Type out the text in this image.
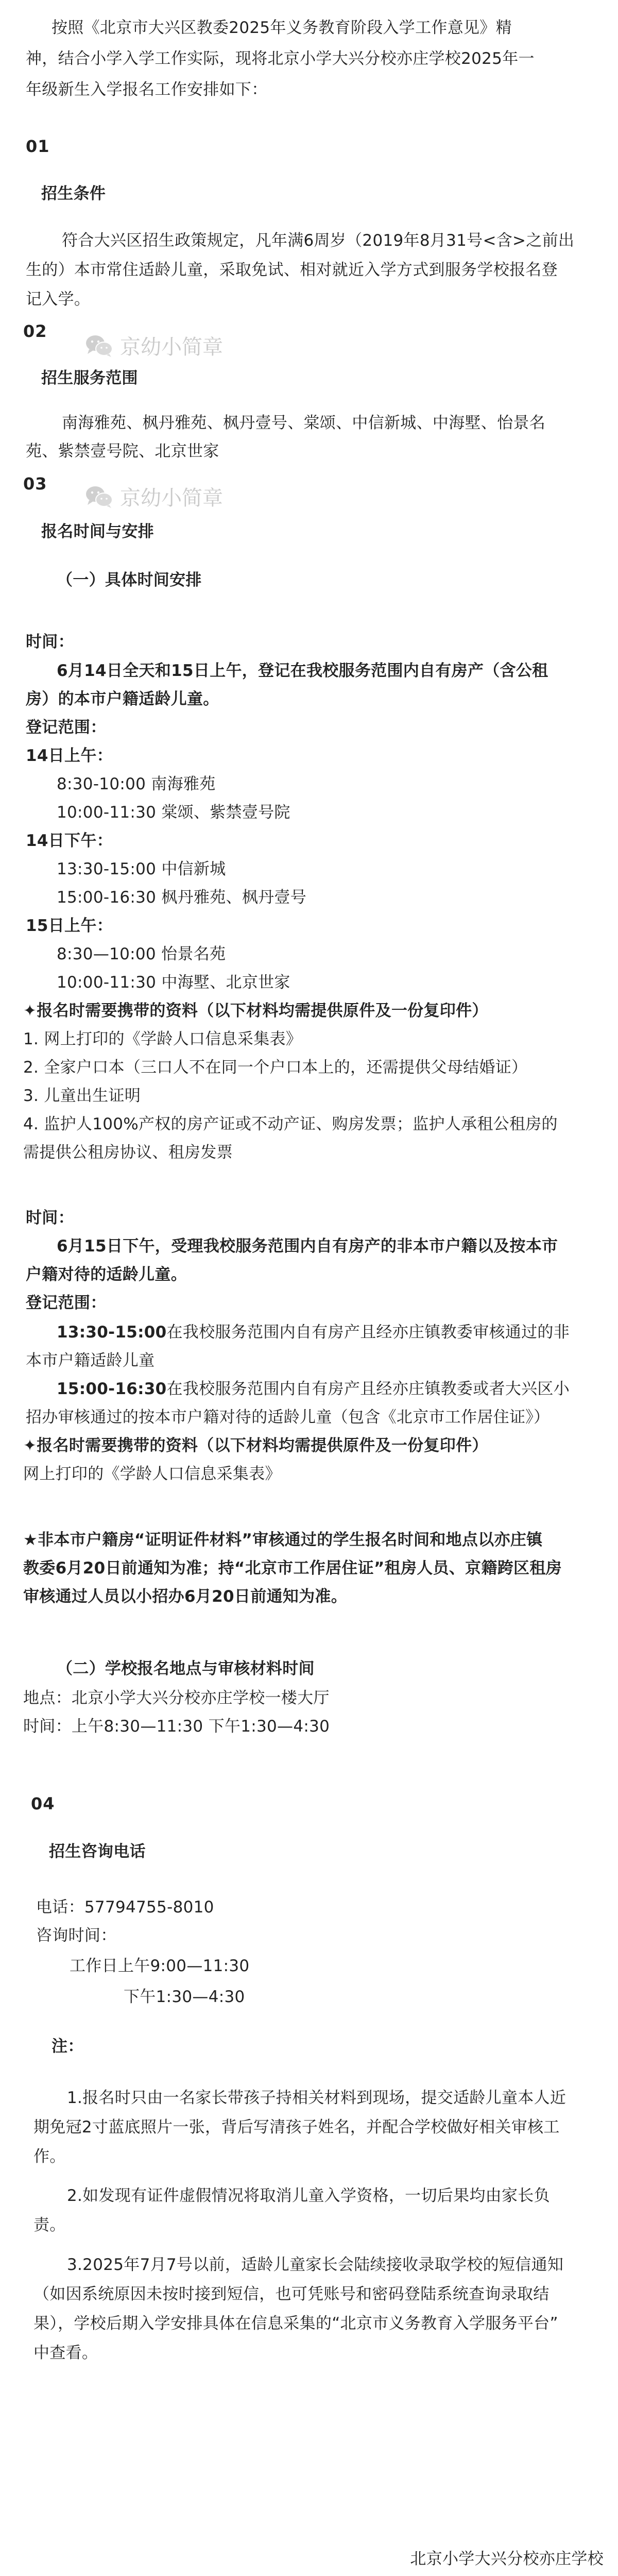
按照《北京市大兴区教委2025年义务教育阶段入学工作意见》精
神，结合小学入学工作实际，现将北京小学大兴分校亦庄学校2025年一
年级新生入学报名工作安排如下：
01
招生条件
符合大兴区招生政策规定，凡年满6周岁（2019年8月31号<含>之前出
生的）本市常住适龄儿童，采取免试、相对就近入学方式到服务学校报名登
记入学。
02
京幼小简章
招生服务范围
南海雅苑、枫丹雅苑、枫丹壹号、棠颂、中信新城、中海墅、怡景名
苑、紫禁壹号院、北京世家
03
京幼小简章
报名时间与安排
（一）具体时间安排
时间：
6月14日全天和15日上午，登记在我校服务范围内自有房产（含公租
房）的本市户籍适龄儿童。
登记范围：
14日上午：
8:30-10:00 南海雅苑
10:00-11:30 棠颂、紫禁壹号院
14日下午：
13:30-15:00 中信新城
15:00-16:30 枫丹雅苑、枫丹壹号
15日上午：
8:30—10:00 怡景名苑
10:00-11:30 中海墅、北京世家
✦报名时需要携带的资料（以下材料均需提供原件及一份复印件）
1. 网上打印的《学龄人口信息采集表》
2. 全家户口本（三口人不在同一个户口本上的，还需提供父母结婚证）
3. 儿童出生证明
4. 监护人100%产权的房产证或不动产证、购房发票；监护人承租公租房的
需提供公租房协议、租房发票
时间：
6月15日下午，受理我校服务范围内自有房产的非本市户籍以及按本市
户籍对待的适龄儿童。
登记范围：
13:30-15:00在我校服务范围内自有房产且经亦庄镇教委审核通过的非
本市户籍适龄儿童
15:00-16:30在我校服务范围内自有房产且经亦庄镇教委或者大兴区小
招办审核通过的按本市户籍对待的适龄儿童（包含《北京市工作居住证》）
✦报名时需要携带的资料（以下材料均需提供原件及一份复印件）
网上打印的《学龄人口信息采集表》
★非本市户籍房“证明证件材料”审核通过的学生报名时间和地点以亦庄镇
教委6月20日前通知为准；持“北京市工作居住证”租房人员、京籍跨区租房
审核通过人员以小招办6月20日前通知为准。
（二）学校报名地点与审核材料时间
地点：北京小学大兴分校亦庄学校一楼大厅
时间：上午8:30—11:30 下午1:30—4:30
04
招生咨询电话
电话：57794755-8010
咨询时间：
工作日上午9:00—11:30
下午1:30—4:30
注：
1.报名时只由一名家长带孩子持相关材料到现场，提交适龄儿童本人近
期免冠2寸蓝底照片一张，背后写清孩子姓名，并配合学校做好相关审核工
作。
2.如发现有证件虚假情况将取消儿童入学资格，一切后果均由家长负
责。
3.2025年7月7号以前，适龄儿童家长会陆续接收录取学校的短信通知
（如因系统原因未按时接到短信，也可凭账号和密码登陆系统查询录取结
果），学校后期入学安排具体在信息采集的“北京市义务教育入学服务平台”
中查看。
北京小学大兴分校亦庄学校
